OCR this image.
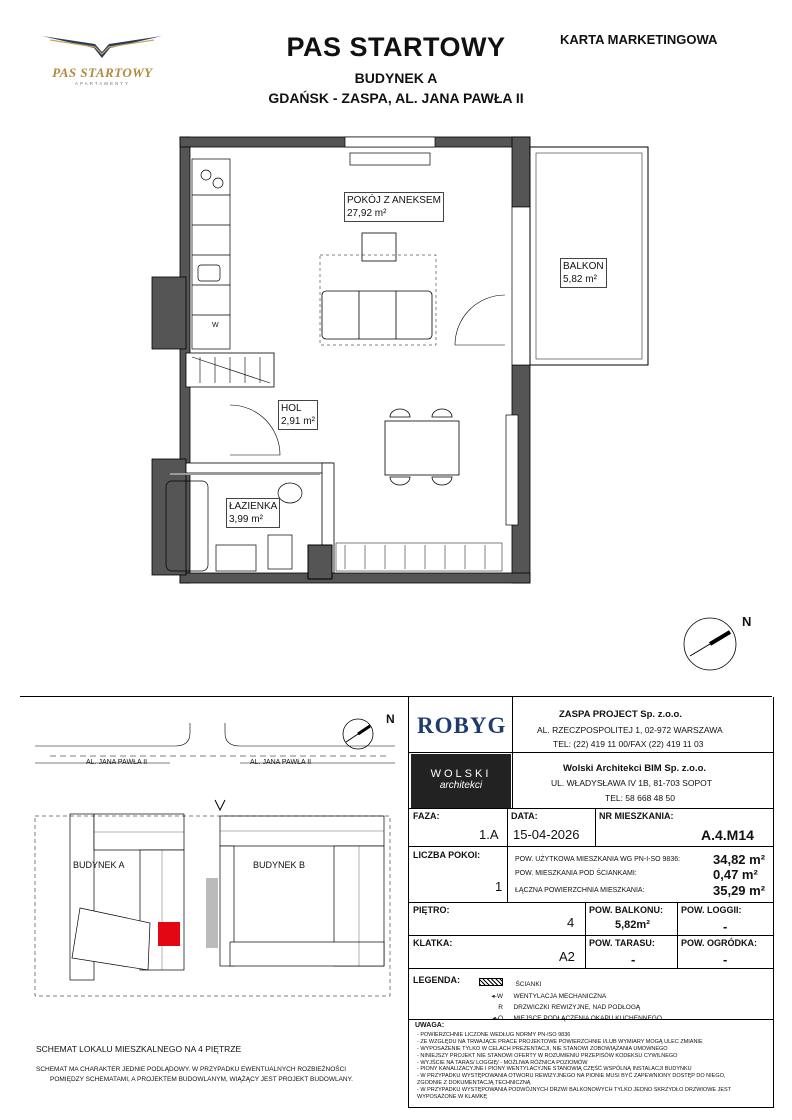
PAS STARTOWY
APARTAMENTY
PAS STARTOWY
BUDYNEK A
GDAŃSK - ZASPA, AL. JANA PAWŁA II
KARTA MARKETINGOWA
POKÓJ Z ANEKSEM
27,92 m²
BALKON
5,82 m²
HOL
2,91 m²
ŁAZIENKA
3,99 m²
W
N
N
AL. JANA PAWŁA II	AL. JANA PAWŁA II
BUDYNEK A	BUDYNEK B
SCHEMAT LOKALU MIESZKALNEGO NA 4 PIĘTRZE
SCHEMAT MA CHARAKTER JEDNIE PODLĄDOWY. W PRZYPADKU EWENTUALNYCH ROZBIEŻNOŚCI
POMIĘDZY SCHEMATAMI, A PROJEKTEM BUDOWLANYM, WIĄŻĄCY JEST PROJEKT BUDOWLANY.
ROBYG	ZASPA PROJECT Sp. z.o.o.
AL. RZECZPOSPOLITEJ 1, 02-972 WARSZAWA
TEL: (22) 419 11 00/FAX (22) 419 11 03
WOLSKI
architekci
Wolski Architekci BIM Sp. z.o.o.
UL. WŁADYSŁAWA IV 1B, 81-703 SOPOT
TEL: 58 668 48 50
FAZA:
1.A
DATA:
15-04-2026
NR MIESZKANIA:
A.4.M14
LICZBA POKOI:
1
POW. UŻYTKOWA MIESZKANIA WG PN-I-SO 9836:	34,82 m²
POW. MIESZKANIA POD ŚCIANKAMI:	0,47 m²
ŁĄCZNA POWIERZCHNIA MIESZKANIA:	35,29 m²
PIĘTRO:
4
POW. BALKONU:
5,82m²
POW. LOGGII:
-
KLATKA:
A2
POW. TARASU:
-
POW. OGRÓDKA:
-
LEGENDA:	ŚCIANKI
◂-W WENTYLACJA MECHANICZNA
R DRZWICZKI REWIZYJNE, NAD PODŁOGĄ
UWAGA:
- POWIERZCHNIE LICZONE WEDŁUG NORMY PN-ISO 9836
- ZE WZGLĘDU NA TRWAJĄCE PRACE PROJEKTOWE POWIERZCHNIE I/LUB WYMIARY MOGĄ ULEC ZMIANIE
- WYPOSAŻENIE TYLKO W CELACH PREZENTACJI, NIE STANOWI ZOBOWIĄZANIA UMOWNEGO
- NINIEJSZY PROJEKT NIE STANOWI OFERTY W ROZUMIENIU PRZEPISÓW KODEKSU CYWILNEGO
- WYJŚCIE NA TARAS/ LOGGIĘ/ - MOŻLIWA RÓŻNICA POZIOMÓW
- PIONY KANALIZACYJNE I PIONY WENTYLACYJNE STANOWIĄ CZĘŚĆ WSPÓLNĄ INSTALACJI BUDYNKU
- W PRZYPADKU WYSTĘPOWANIA OTWORU REWIZYJNEGO NA PIONIE MUSI BYĆ ZAPEWNIONY DOSTĘP DO NIEGO,
ZGODNIE Z DOKUMENTACJĄ TECHNICZNĄ
- W PRZYPADKU WYSTĘPOWANIA PODWÓJNYCH DRZWI BALKONOWYCH TYLKO JEDNO SKRZYDŁO DRZWIOWE JEST
WYPOSAŻONE W KLAMKĘ
